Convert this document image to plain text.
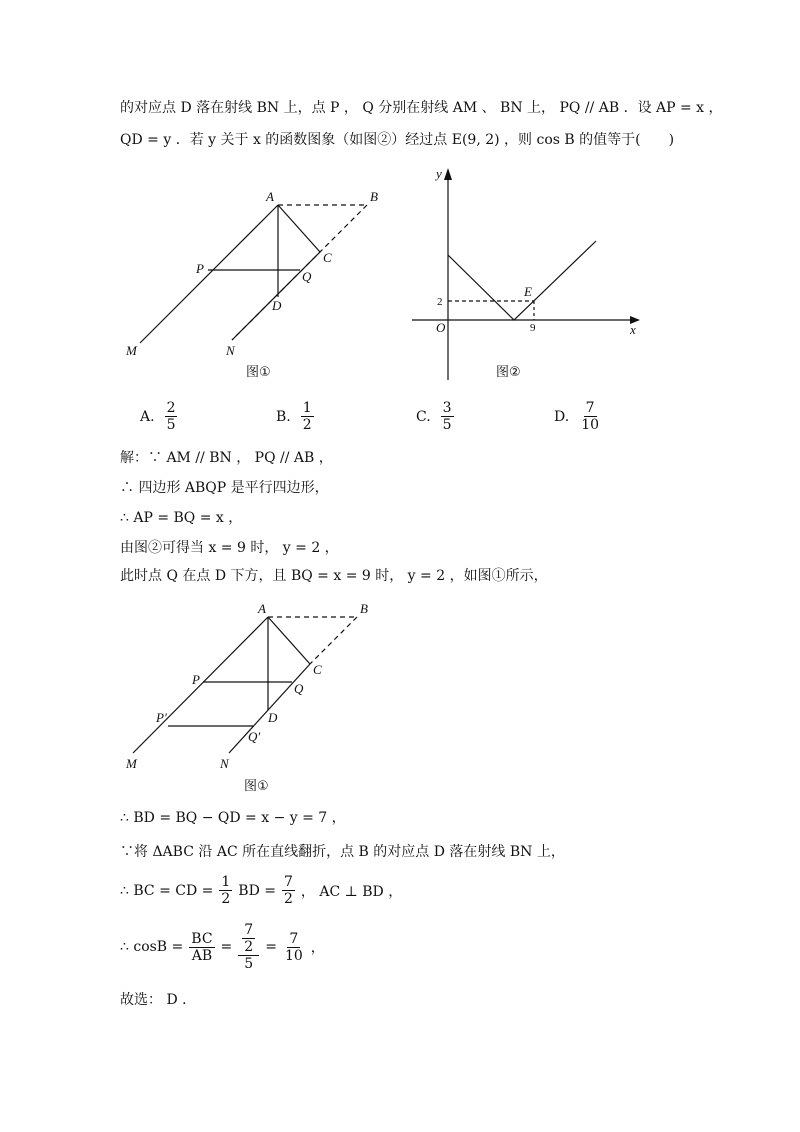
的对应点 D 落在射线 BN 上，点 P ， Q 分别在射线 AM 、 BN 上， PQ // AB ．设 AP = x ，
QD = y ．若 y 关于 x 的函数图象（如图②）经过点 E(9, 2) ，则 cos B 的值等于(　　)
A	B
C
P
Q
D
M	N
图①
y
x
O
E
2
9
图②
A. $\frac{2}{5}$	B. $\frac{1}{2}$	C. $\frac{3}{5}$	D. $\frac{7}{10}$
解：∵ AM // BN ， PQ // AB ，
∴ 四边形 ABQP 是平行四边形，
∴ AP = BQ = x ，
由图②可得当 x = 9 时， y = 2 ，
此时点 Q 在点 D 下方，且 BQ = x = 9 时， y = 2 ，如图①所示，
A	B
C
P
Q
D
P′
Q′
M	N
图①
∴ BD = BQ − QD = x − y = 7 ，
∵将 ΔABC 沿 AC 所在直线翻折，点 B 的对应点 D 落在射线 BN 上，
∴ BC = CD = $\frac{1}{2}$ BD = $\frac{7}{2}$ ， AC ⊥ BD ，
∴ $\cos B = \frac{BC}{AB} = \frac{\frac{7}{2}}{5} = \frac{7}{10}$ ，
故选： D ．
